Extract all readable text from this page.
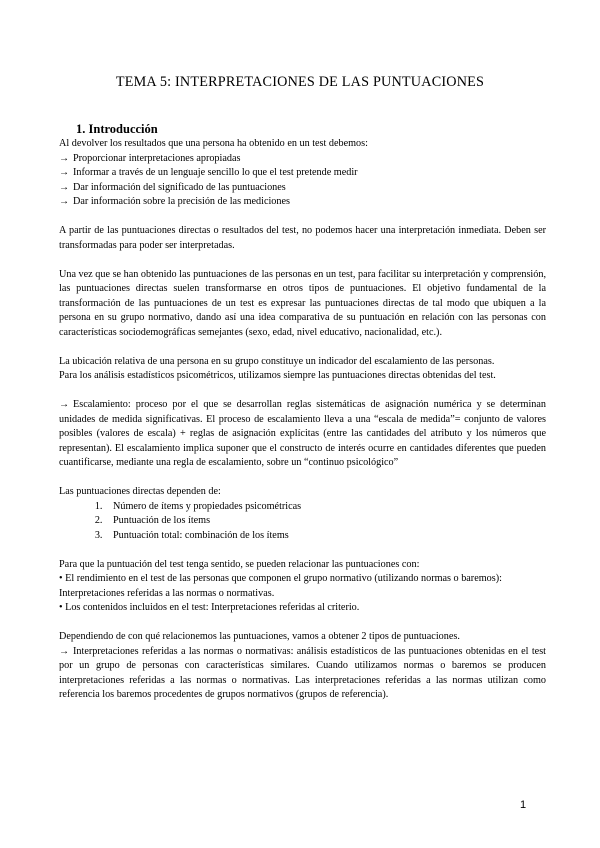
TEMA 5: INTERPRETACIONES DE LAS PUNTUACIONES
1. Introducción

Al devolver los resultados que una persona ha obtenido en un test debemos:

→ Proporcionar interpretaciones apropiadas

→ Informar a través de un lenguaje sencillo lo que el test pretende medir

→ Dar información del significado de las puntuaciones

→ Dar información sobre la precisión de las mediciones

A partir de las puntuaciones directas o resultados del test, no podemos hacer una interpretación inmediata. Deben ser transformadas para poder ser interpretadas.

Una vez que se han obtenido las puntuaciones de las personas en un test, para facilitar su interpretación y comprensión, las puntuaciones directas suelen transformarse en otros tipos de puntuaciones. El objetivo fundamental de la transformación de las puntuaciones de un test es expresar las puntuaciones directas de tal modo que ubiquen a la persona en su grupo normativo, dando así una idea comparativa de su puntuación en relación con las personas con características sociodemográficas semejantes (sexo, edad, nivel educativo, nacionalidad, etc.).

La ubicación relativa de una persona en su grupo constituye un indicador del escalamiento de las personas.

Para los análisis estadísticos psicométricos, utilizamos siempre las puntuaciones directas obtenidas del test.

→ Escalamiento: proceso por el que se desarrollan reglas sistemáticas de asignación numérica y se determinan unidades de medida significativas. El proceso de escalamiento lleva a una “escala de medida”= conjunto de valores posibles (valores de escala) + reglas de asignación explícitas (entre las cantidades del atributo y los números que representan). El escalamiento implica suponer que el constructo de interés ocurre en cantidades diferentes que pueden cuantificarse, mediante una regla de escalamiento, sobre un “continuo psicológico”

Las puntuaciones directas dependen de:

1. Número de ítems y propiedades psicométricas
2. Puntuación de los ítems
3. Puntuación total: combinación de los ítems

Para que la puntuación del test tenga sentido, se pueden relacionar las puntuaciones con:

• El rendimiento en el test de las personas que componen el grupo normativo (utilizando normas o baremos): Interpretaciones referidas a las normas o normativas.

• Los contenidos incluidos en el test: Interpretaciones referidas al criterio.

Dependiendo de con qué relacionemos las puntuaciones, vamos a obtener 2 tipos de puntuaciones.

→ Interpretaciones referidas a las normas o normativas: análisis estadísticos de las puntuaciones obtenidas en el test por un grupo de personas con características similares. Cuando utilizamos normas o baremos se producen interpretaciones referidas a las normas o normativas. Las interpretaciones referidas a las normas utilizan como referencia los baremos procedentes de grupos normativos (grupos de referencia).

1
